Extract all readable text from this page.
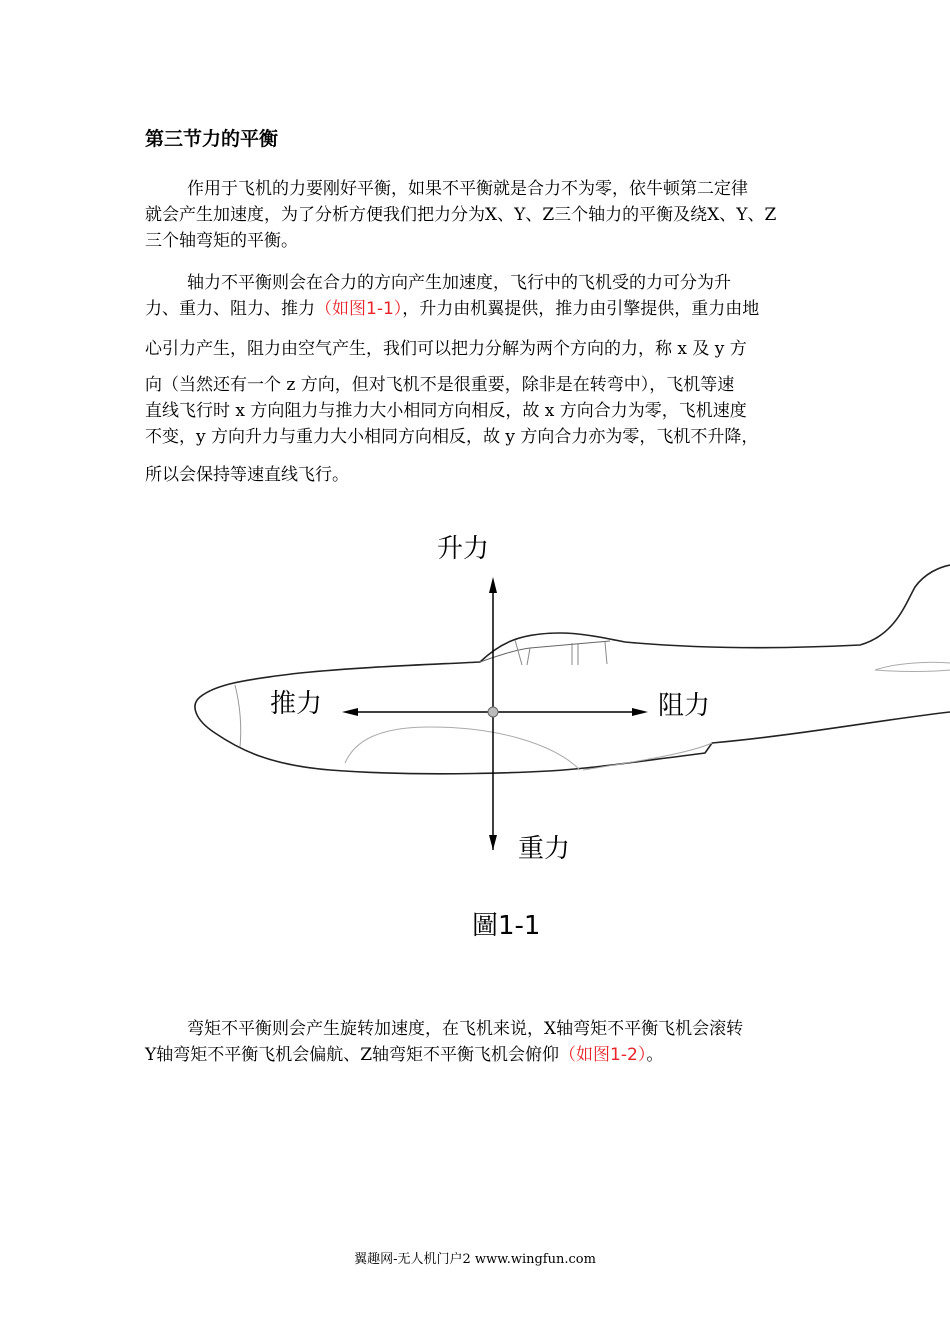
第三节力的平衡
作用于飞机的力要刚好平衡，如果不平衡就是合力不为零，依牛顿第二定律
就会产生加速度，为了分析方便我们把力分为X、Y、Z三个轴力的平衡及绕X、Y、Z
三个轴弯矩的平衡。
轴力不平衡则会在合力的方向产生加速度，飞行中的飞机受的力可分为升
力、重力、阻力、推力（如图1-1），升力由机翼提供，推力由引擎提供，重力由地
心引力产生，阻力由空气产生，我们可以把力分解为两个方向的力，称 x 及 y 方
向（当然还有一个 z 方向，但对飞机不是很重要，除非是在转弯中），飞机等速
直线飞行时 x 方向阻力与推力大小相同方向相反，故 x 方向合力为零，飞机速度
不变，y 方向升力与重力大小相同方向相反，故 y 方向合力亦为零，飞机不升降，
所以会保持等速直线飞行。
升力
推力	阻力
重力
圖1-1
弯矩不平衡则会产生旋转加速度，在飞机来说，X轴弯矩不平衡飞机会滚转
Y轴弯矩不平衡飞机会偏航、Z轴弯矩不平衡飞机会俯仰（如图1-2）。
翼趣网-无人机门户2 www.wingfun.com
